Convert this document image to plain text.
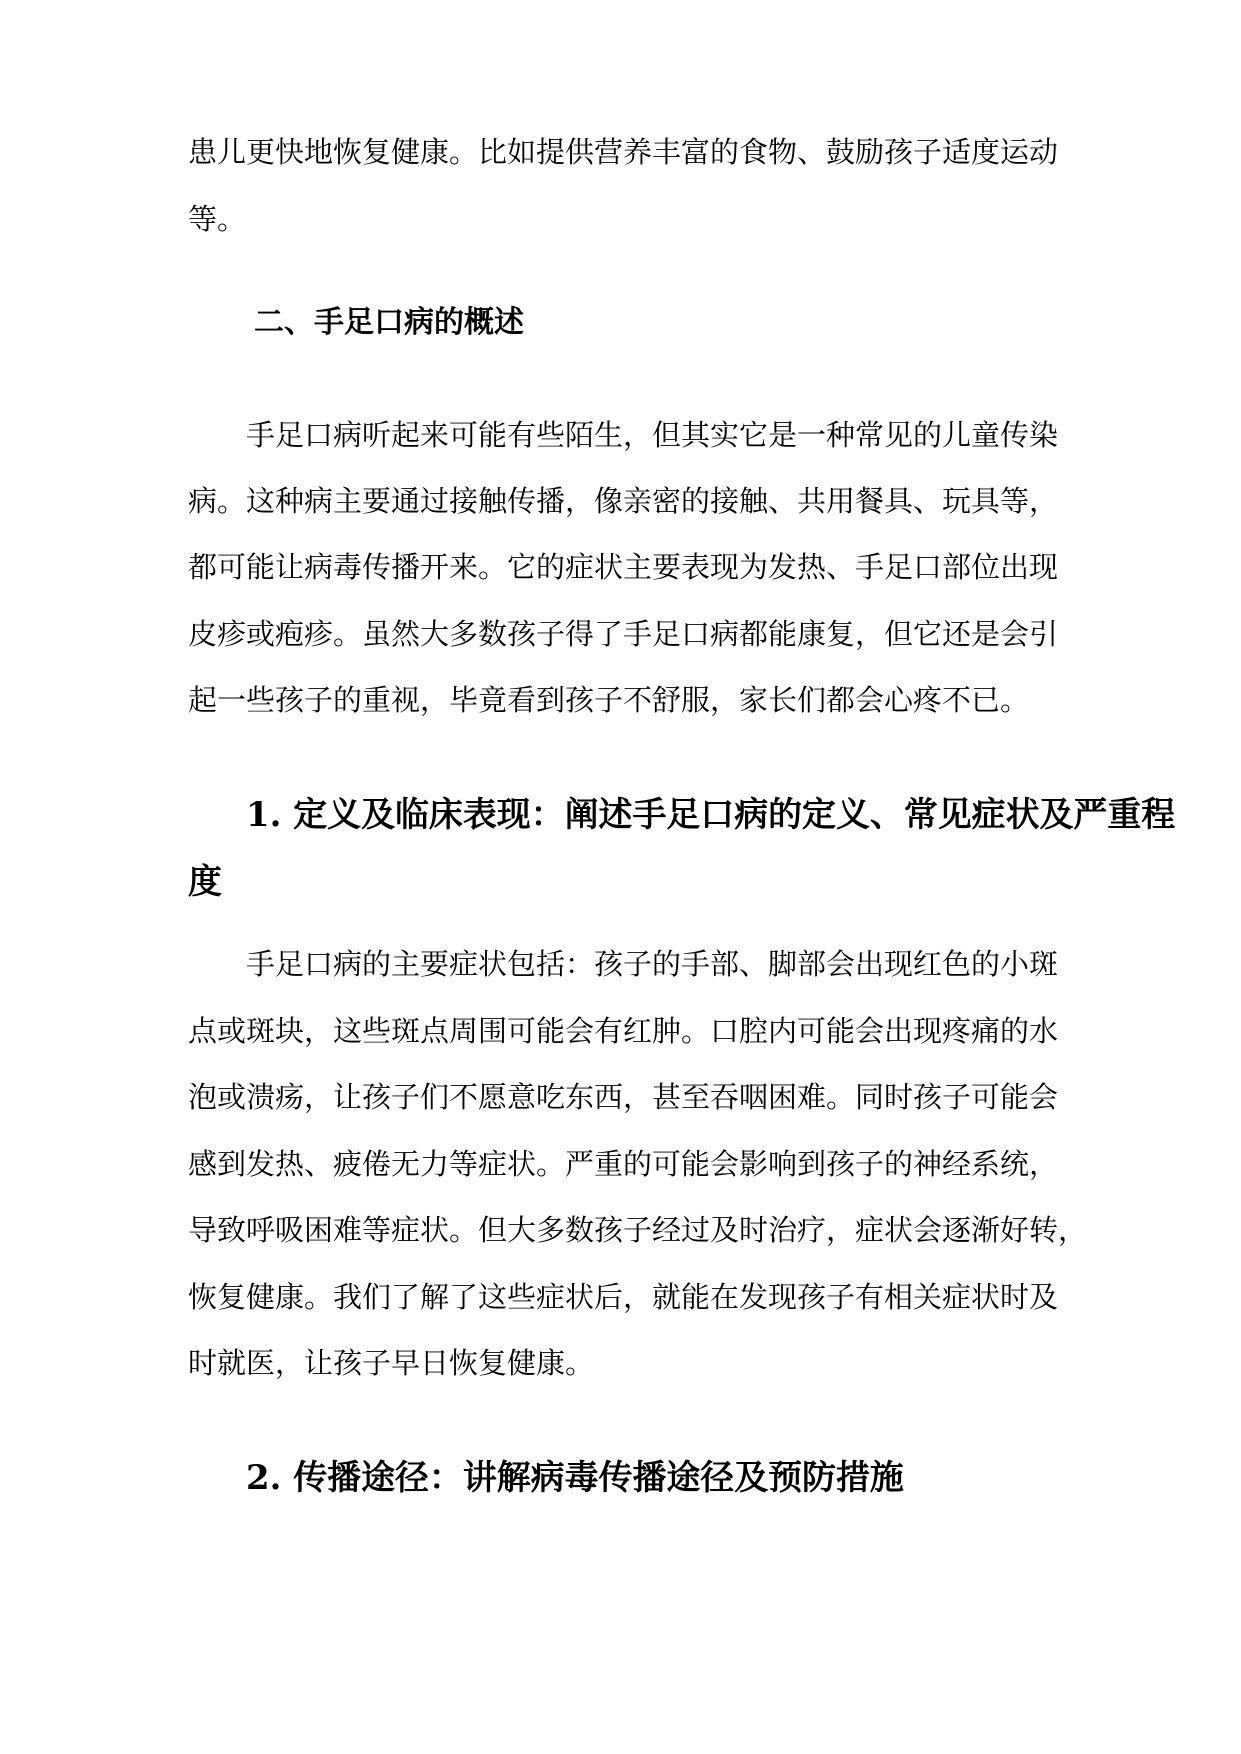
患儿更快地恢复健康。比如提供营养丰富的食物、鼓励孩子适度运动

等。

二、手足口病的概述

手足口病听起来可能有些陌生，但其实它是一种常见的儿童传染

病。这种病主要通过接触传播，像亲密的接触、共用餐具、玩具等，

都可能让病毒传播开来。它的症状主要表现为发热、手足口部位出现

皮疹或疱疹。虽然大多数孩子得了手足口病都能康复，但它还是会引

起一些孩子的重视，毕竟看到孩子不舒服，家长们都会心疼不已。

1. 定义及临床表现：阐述手足口病的定义、常见症状及严重程
度

手足口病的主要症状包括：孩子的手部、脚部会出现红色的小斑

点或斑块，这些斑点周围可能会有红肿。口腔内可能会出现疼痛的水

泡或溃疡，让孩子们不愿意吃东西，甚至吞咽困难。同时孩子可能会

感到发热、疲倦无力等症状。严重的可能会影响到孩子的神经系统，

导致呼吸困难等症状。但大多数孩子经过及时治疗，症状会逐渐好转，

恢复健康。我们了解了这些症状后，就能在发现孩子有相关症状时及

时就医，让孩子早日恢复健康。

2. 传播途径：讲解病毒传播途径及预防措施
